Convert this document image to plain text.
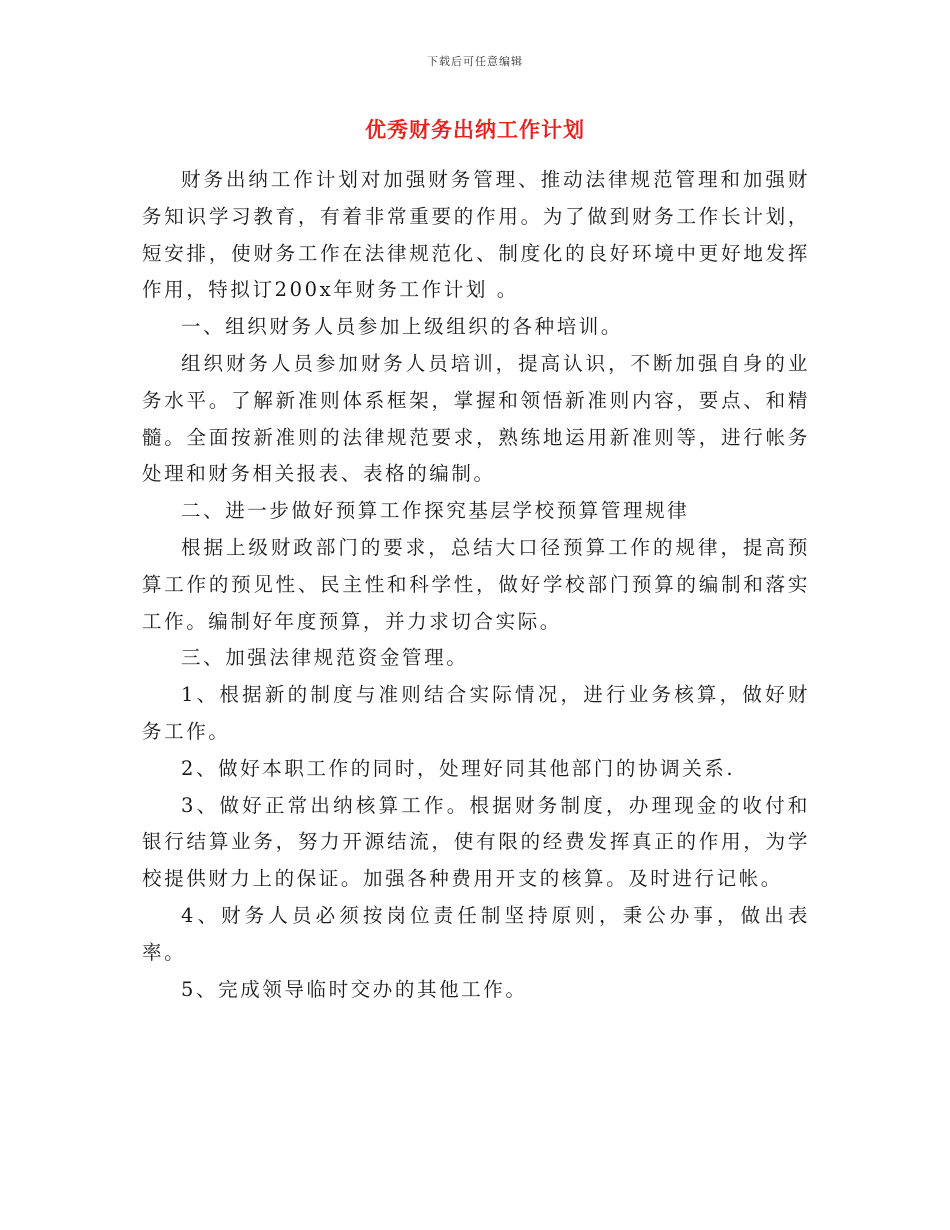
下载后可任意编辑
优秀财务出纳工作计划

财务出纳工作计划对加强财务管理、推动法律规范管理和加强财务知识学习教育，有着非常重要的作用。为了做到财务工作长计划，短安排，使财务工作在法律规范化、制度化的良好环境中更好地发挥作用，特拟订200x年财务工作计划 。

一、组织财务人员参加上级组织的各种培训。

组织财务人员参加财务人员培训，提高认识，不断加强自身的业务水平。了解新准则体系框架，掌握和领悟新准则内容，要点、和精髓。全面按新准则的法律规范要求，熟练地运用新准则等，进行帐务处理和财务相关报表、表格的编制。

二、进一步做好预算工作探究基层学校预算管理规律

根据上级财政部门的要求，总结大口径预算工作的规律，提高预算工作的预见性、民主性和科学性，做好学校部门预算的编制和落实工作。编制好年度预算，并力求切合实际。

三、加强法律规范资金管理。

1、根据新的制度与准则结合实际情况，进行业务核算，做好财务工作。

2、做好本职工作的同时，处理好同其他部门的协调关系.

3、做好正常出纳核算工作。根据财务制度，办理现金的收付和银行结算业务，努力开源结流，使有限的经费发挥真正的作用，为学校提供财力上的保证。加强各种费用开支的核算。及时进行记帐。

4、财务人员必须按岗位责任制坚持原则，秉公办事，做出表率。

5、完成领导临时交办的其他工作。
